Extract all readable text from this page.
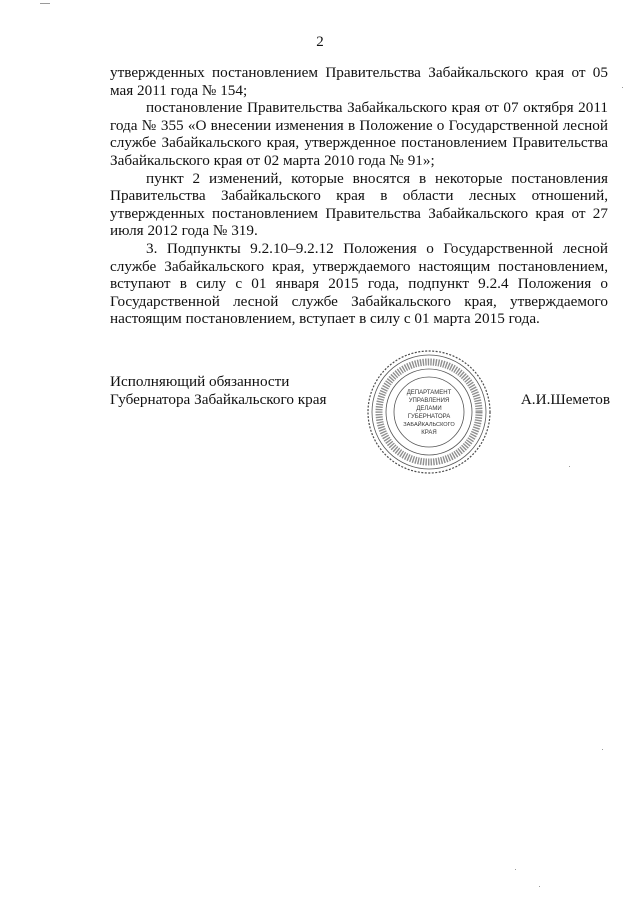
2

утвержденных постановлением Правительства Забайкальского края от 05 мая 2011 года № 154;

постановление Правительства Забайкальского края от 07 октября 2011 года № 355 «О внесении изменения в Положение о Государственной лесной службе Забайкальского края, утвержденное постановлением Правительства Забайкальского края от 02 марта 2010 года № 91»;

пункт 2 изменений, которые вносятся в некоторые постановления Правительства Забайкальского края в области лесных отношений, утвержденных постановлением Правительства Забайкальского края от 27 июля 2012 года № 319.

3. Подпункты 9.2.10–9.2.12 Положения о Государственной лесной службе Забайкальского края, утверждаемого настоящим постановлением, вступают в силу с 01 января 2015 года, подпункт 9.2.4 Положения о Государственной лесной службе Забайкальского края, утверждаемого настоящим постановлением, вступает в силу с 01 марта 2015 года.

Исполняющий обязанности
Губернатора Забайкальского края	А.И.Шеметов
ДЕПАРТАМЕНТ
УПРАВЛЕНИЯ
ДЕЛАМИ
ГУБЕРНАТОРА
ЗАБАЙКАЛЬСКОГО
КРАЯ
